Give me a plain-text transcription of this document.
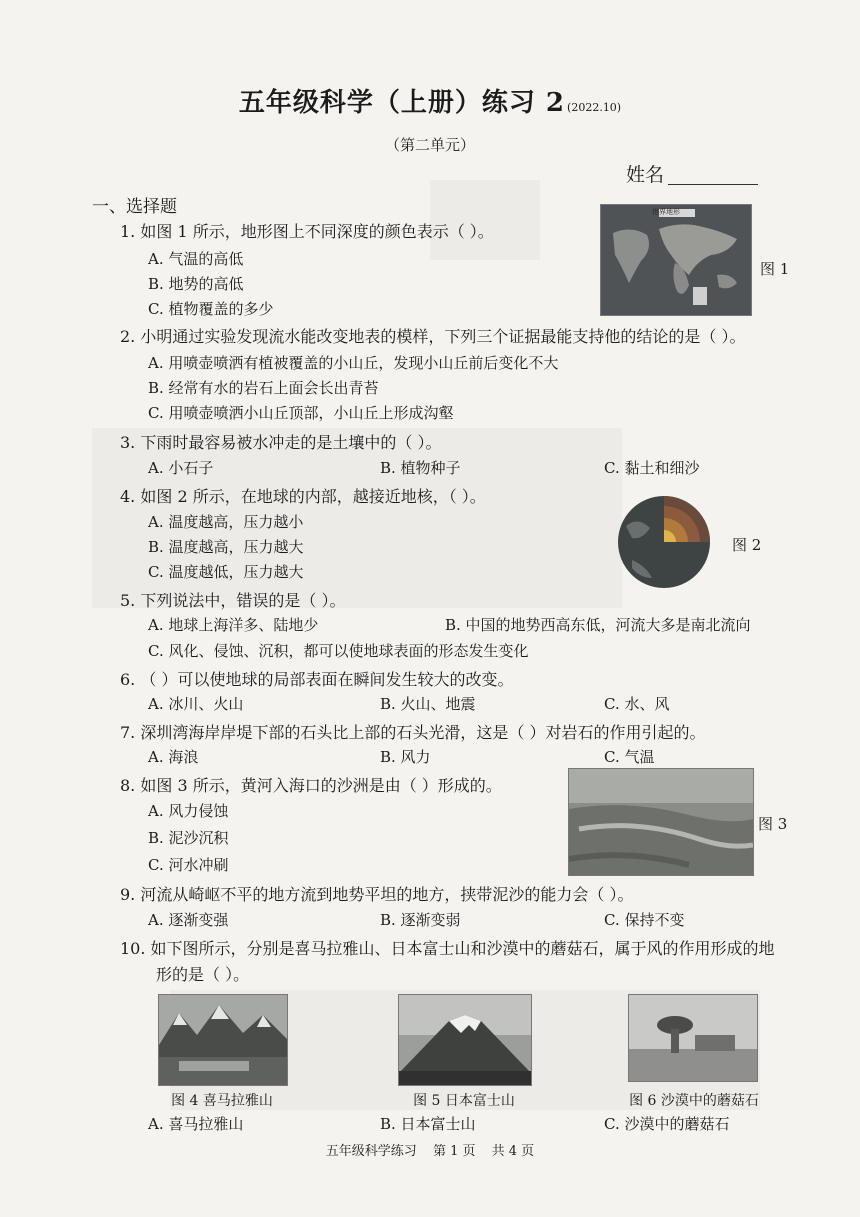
五年级科学（上册）练习 2 (2022.10)
（第二单元）
姓名
一、选择题
1. 如图 1 所示，地形图上不同深度的颜色表示（ ）。
A. 气温的高低
B. 地势的高低
C. 植物覆盖的多少
世界地形
图 1
2. 小明通过实验发现流水能改变地表的模样，下列三个证据最能支持他的结论的是（ ）。
A. 用喷壶喷洒有植被覆盖的小山丘，发现小山丘前后变化不大
B. 经常有水的岩石上面会长出青苔
C. 用喷壶喷洒小山丘顶部，小山丘上形成沟壑
3. 下雨时最容易被水冲走的是土壤中的（ ）。
A. 小石子	B. 植物种子	C. 黏土和细沙
4. 如图 2 所示，在地球的内部，越接近地核，（ ）。
A. 温度越高，压力越小
B. 温度越高，压力越大
C. 温度越低，压力越大
图 2
5. 下列说法中，错误的是（ ）。
A. 地球上海洋多、陆地少	B. 中国的地势西高东低，河流大多是南北流向
C. 风化、侵蚀、沉积，都可以使地球表面的形态发生变化
6. （ ）可以使地球的局部表面在瞬间发生较大的改变。
A. 冰川、火山	B. 火山、地震	C. 水、风
7. 深圳湾海岸岸堤下部的石头比上部的石头光滑，这是（ ）对岩石的作用引起的。
A. 海浪	B. 风力	C. 气温
8. 如图 3 所示，黄河入海口的沙洲是由（ ）形成的。
A. 风力侵蚀
B. 泥沙沉积
C. 河水冲刷
图 3
9. 河流从崎岖不平的地方流到地势平坦的地方，挟带泥沙的能力会（ ）。
A. 逐渐变强	B. 逐渐变弱	C. 保持不变
10. 如下图所示，分别是喜马拉雅山、日本富士山和沙漠中的蘑菇石，属于风的作用形成的地
形的是（ ）。
图 4 喜马拉雅山	图 5 日本富士山	图 6 沙漠中的蘑菇石
A. 喜马拉雅山	B. 日本富士山	C. 沙漠中的蘑菇石
五年级科学练习 第 1 页 共 4 页
